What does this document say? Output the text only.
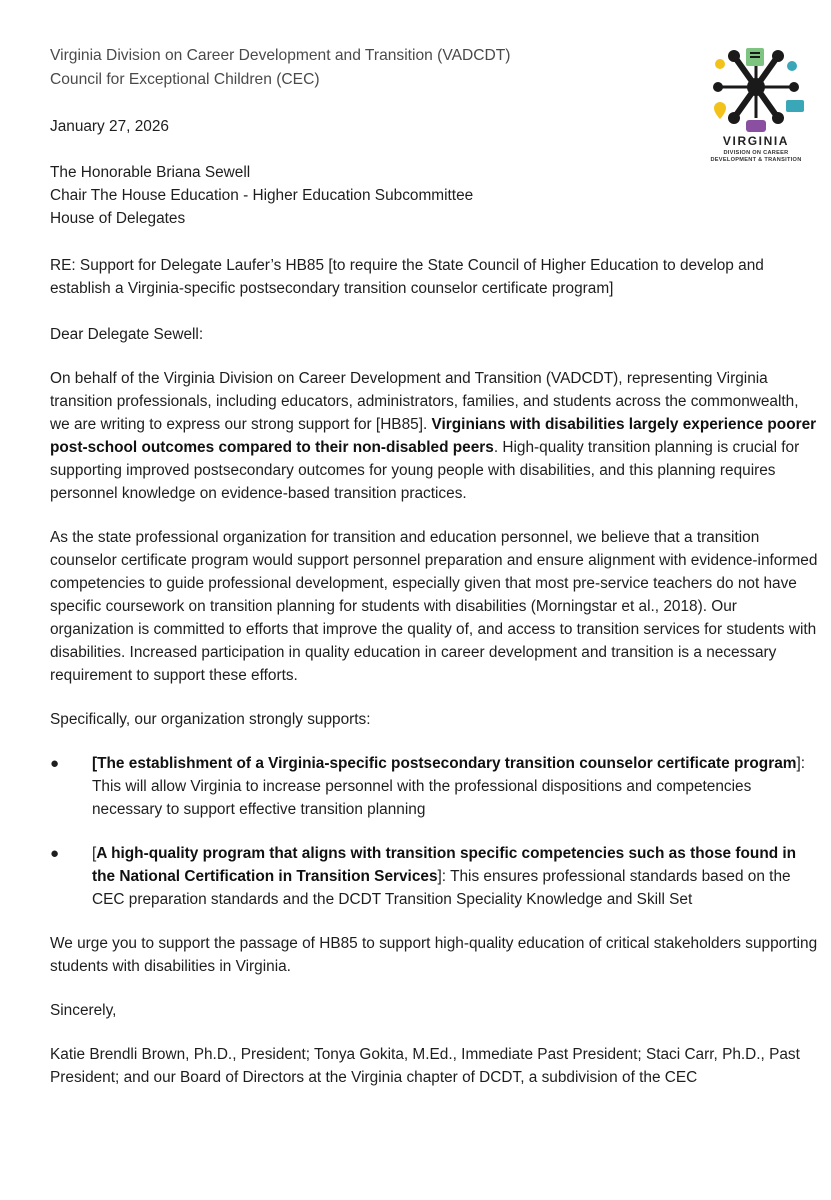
VIRGINIA
DIVISION ON CAREER DEVELOPMENT & TRANSITION
Virginia Division on Career Development and Transition (VADCDT)
Council for Exceptional Children (CEC)
January 27, 2026
The Honorable Briana Sewell
Chair The House Education - Higher Education Subcommittee
House of Delegates

RE: Support for Delegate Laufer’s HB85 [to require the State Council of Higher Education to develop and establish a Virginia-specific postsecondary transition counselor certificate program]

Dear Delegate Sewell:

On behalf of the Virginia Division on Career Development and Transition (VADCDT), representing Virginia transition professionals, including educators, administrators, families, and students across the commonwealth, we are writing to express our strong support for [HB85]. Virginians with disabilities largely experience poorer post-school outcomes compared to their non-disabled peers. High-quality transition planning is crucial for supporting improved postsecondary outcomes for young people with disabilities, and this planning requires personnel knowledge on evidence-based transition practices.

As the state professional organization for transition and education personnel, we believe that a transition counselor certificate program would support personnel preparation and ensure alignment with evidence-informed competencies to guide professional development, especially given that most pre-service teachers do not have specific coursework on transition planning for students with disabilities (Morningstar et al., 2018). Our organization is committed to efforts that improve the quality of, and access to transition services for students with disabilities. Increased participation in quality education in career development and transition is a necessary requirement to support these efforts.

Specifically, our organization strongly supports:

● [The establishment of a Virginia-specific postsecondary transition counselor certificate program]: This will allow Virginia to increase personnel with the professional dispositions and competencies necessary to support effective transition planning
● [A high-quality program that aligns with transition specific competencies such as those found in the National Certification in Transition Services]: This ensures professional standards based on the CEC preparation standards and the DCDT Transition Speciality Knowledge and Skill Set

We urge you to support the passage of HB85 to support high-quality education of critical stakeholders supporting students with disabilities in Virginia.

Sincerely,

Katie Brendli Brown, Ph.D., President; Tonya Gokita, M.Ed., Immediate Past President; Staci Carr, Ph.D., Past President; and our Board of Directors at the Virginia chapter of DCDT, a subdivision of the CEC
